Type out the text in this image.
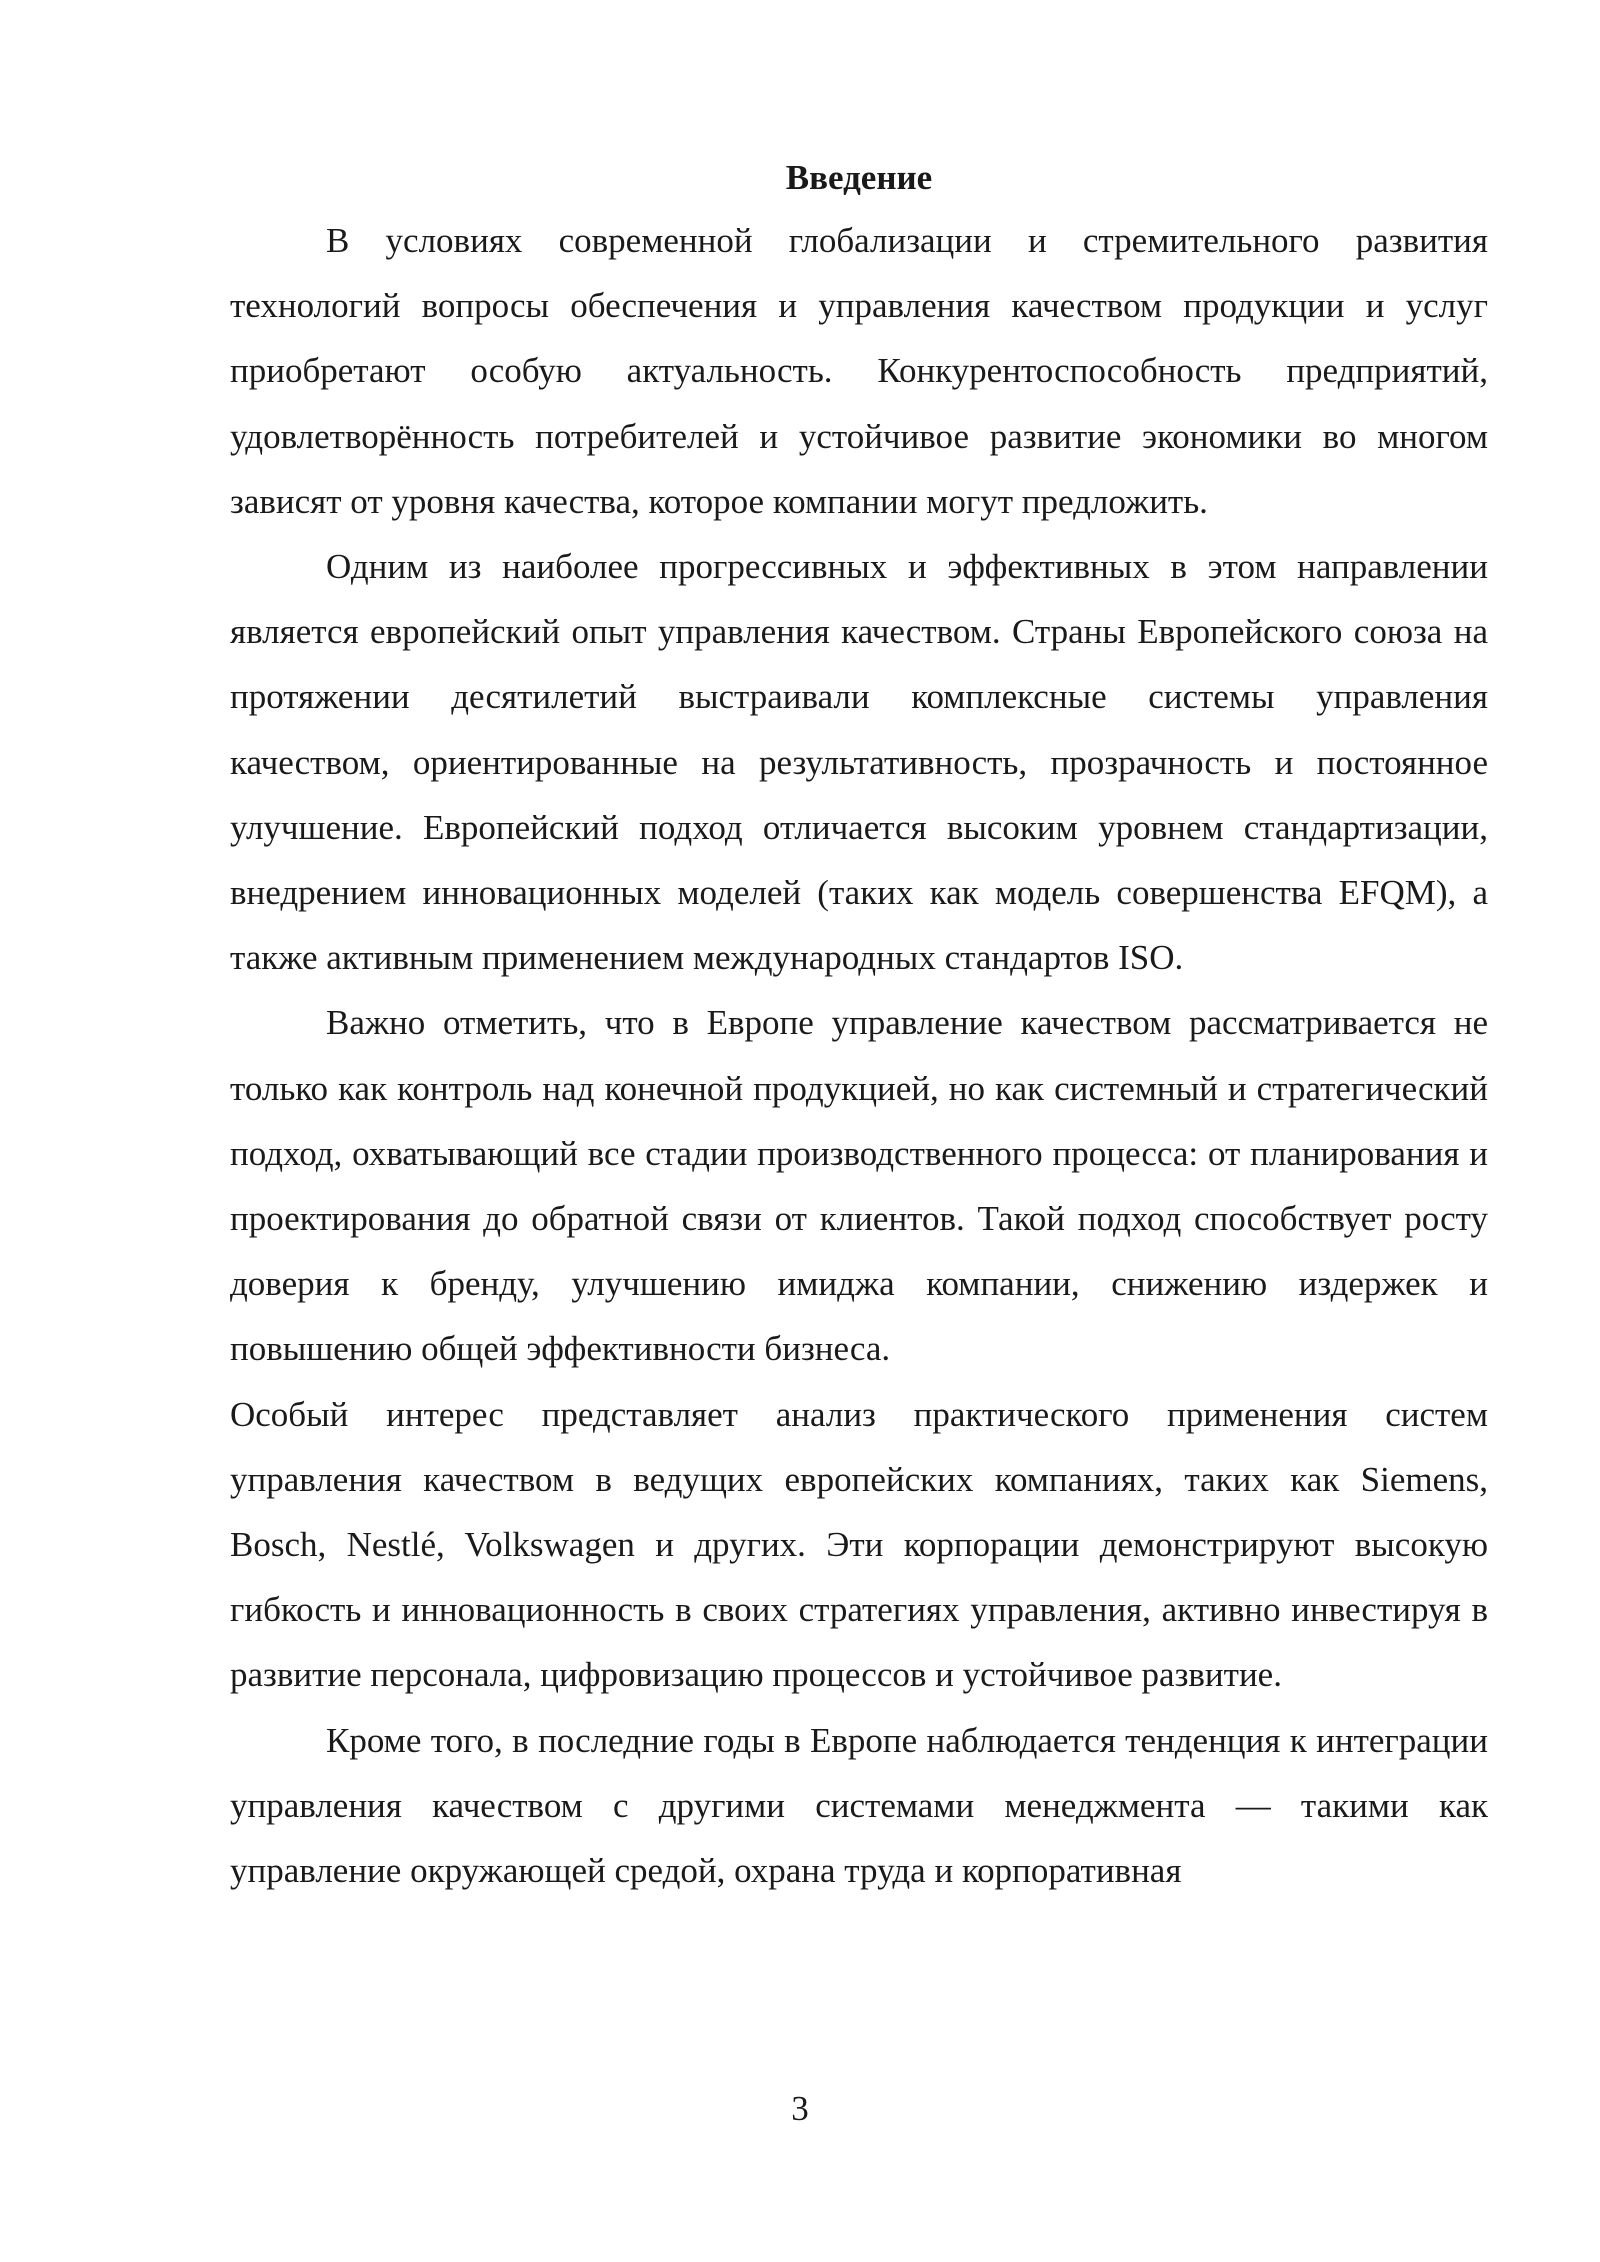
Введение

В условиях современной глобализации и стремительного развития технологий вопросы обеспечения и управления качеством продукции и услуг приобретают особую актуальность. Конкурентоспособность предприятий, удовлетворённость потребителей и устойчивое развитие экономики во многом зависят от уровня качества, которое компании могут предложить.

Одним из наиболее прогрессивных и эффективных в этом направлении является европейский опыт управления качеством. Страны Европейского союза на протяжении десятилетий выстраивали комплексные системы управления качеством, ориентированные на результативность, прозрачность и постоянное улучшение. Европейский подход отличается высоким уровнем стандартизации, внедрением инновационных моделей (таких как модель совершенства EFQM), а также активным применением международных стандартов ISO.

Важно отметить, что в Европе управление качеством рассматривается не только как контроль над конечной продукцией, но как системный и стратегический подход, охватывающий все стадии производственного процесса: от планирования и проектирования до обратной связи от клиентов. Такой подход способствует росту доверия к бренду, улучшению имиджа компании, снижению издержек и повышению общей эффективности бизнеса.

Особый интерес представляет анализ практического применения систем управления качеством в ведущих европейских компаниях, таких как Siemens, Bosch, Nestlé, Volkswagen и других. Эти корпорации демонстрируют высокую гибкость и инновационность в своих стратегиях управления, активно инвестируя в развитие персонала, цифровизацию процессов и устойчивое развитие.

Кроме того, в последние годы в Европе наблюдается тенденция к интеграции управления качеством с другими системами менеджмента — такими как управление окружающей средой, охрана труда и корпоративная

3
